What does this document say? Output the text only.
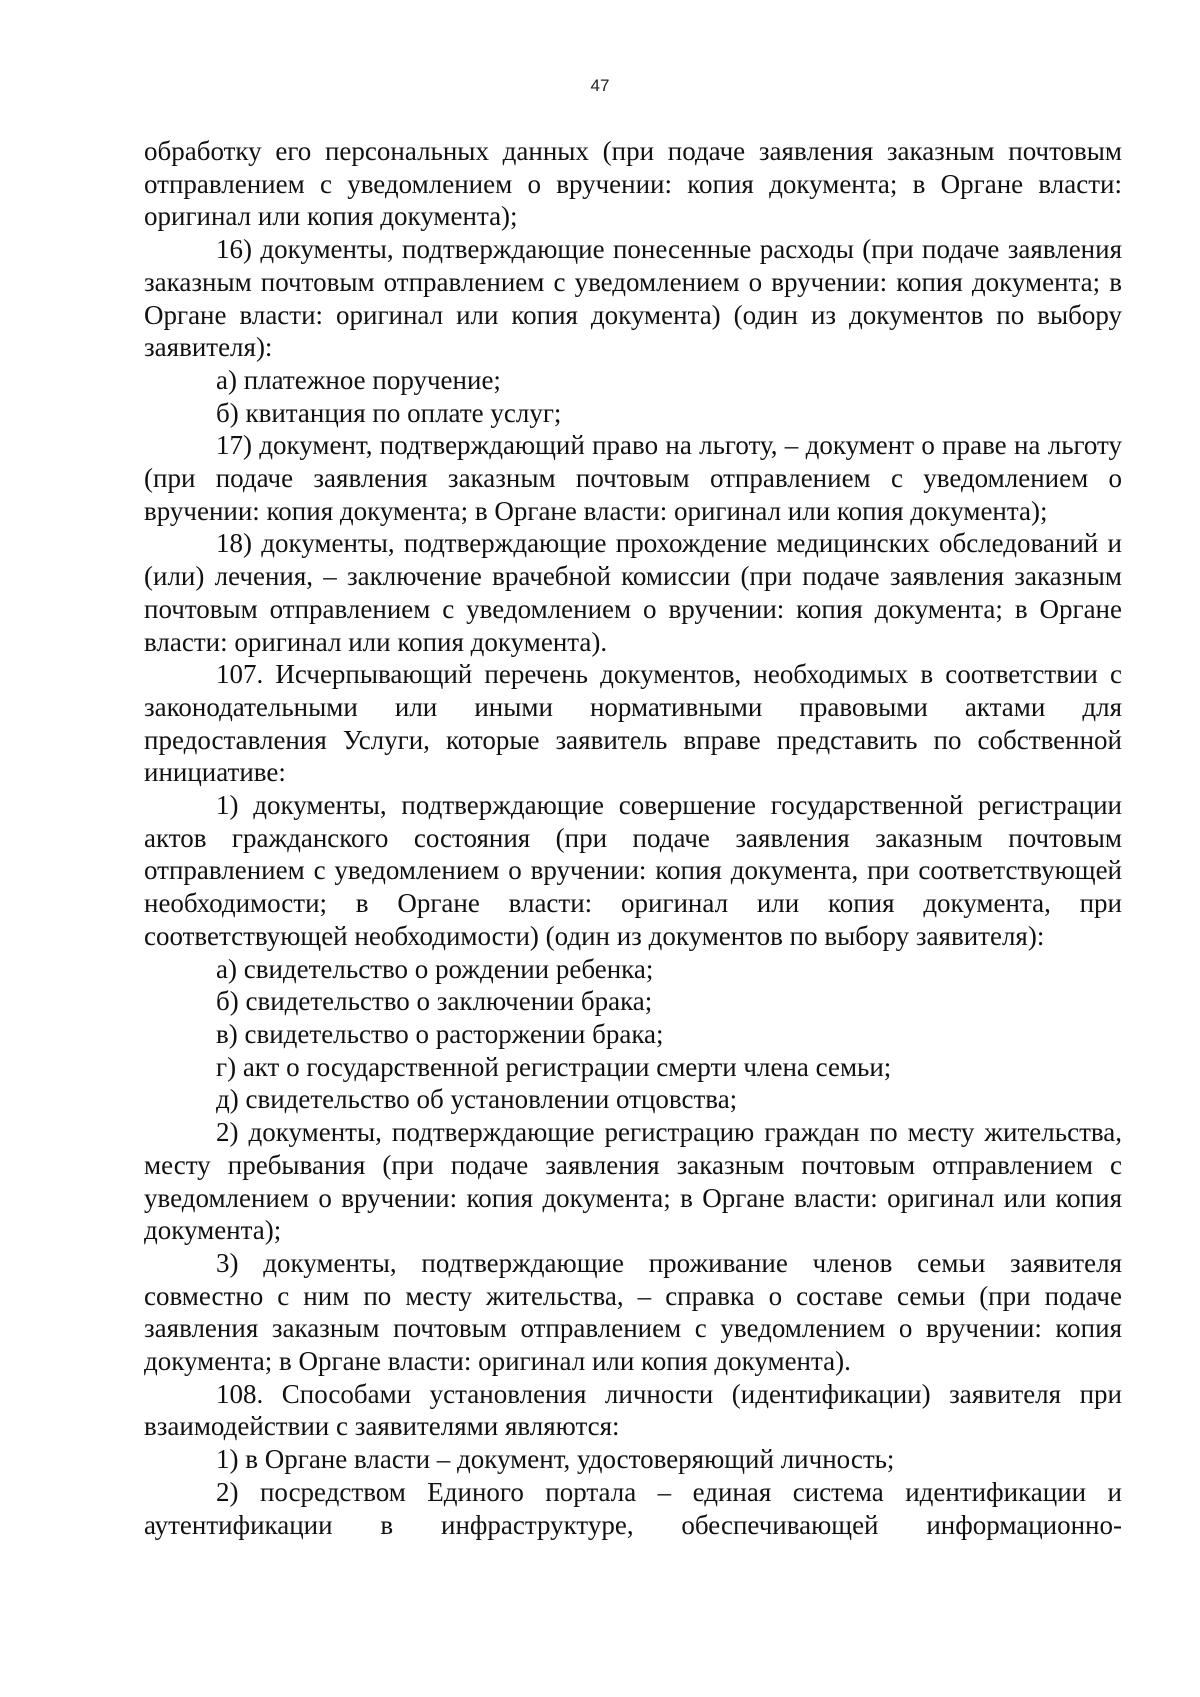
47

обработку его персональных данных (при подаче заявления заказным почтовым отправлением с уведомлением о вручении: копия документа; в Органе власти: оригинал или копия документа);

16) документы, подтверждающие понесенные расходы (при подаче заявления заказным почтовым отправлением с уведомлением о вручении: копия документа; в Органе власти: оригинал или копия документа) (один из документов по выбору заявителя):

а) платежное поручение;

б) квитанция по оплате услуг;

17) документ, подтверждающий право на льготу, – документ о праве на льготу (при подаче заявления заказным почтовым отправлением с уведомлением о вручении: копия документа; в Органе власти: оригинал или копия документа);

18) документы, подтверждающие прохождение медицинских обследований и (или) лечения, – заключение врачебной комиссии (при подаче заявления заказным почтовым отправлением с уведомлением о вручении: копия документа; в Органе власти: оригинал или копия документа).

107. Исчерпывающий перечень документов, необходимых в соответствии с законодательными или иными нормативными правовыми актами для предоставления Услуги, которые заявитель вправе представить по собственной инициативе:

1) документы, подтверждающие совершение государственной регистрации актов гражданского состояния (при подаче заявления заказным почтовым отправлением с уведомлением о вручении: копия документа, при соответствующей необходимости; в Органе власти: оригинал или копия документа, при соответствующей необходимости) (один из документов по выбору заявителя):

а) свидетельство о рождении ребенка;

б) свидетельство о заключении брака;

в) свидетельство о расторжении брака;

г) акт о государственной регистрации смерти члена семьи;

д) свидетельство об установлении отцовства;

2) документы, подтверждающие регистрацию граждан по месту жительства, месту пребывания (при подаче заявления заказным почтовым отправлением с уведомлением о вручении: копия документа; в Органе власти: оригинал или копия документа);

3) документы, подтверждающие проживание членов семьи заявителя совместно с ним по месту жительства, – справка о составе семьи (при подаче заявления заказным почтовым отправлением с уведомлением о вручении: копия документа; в Органе власти: оригинал или копия документа).

108. Способами установления личности (идентификации) заявителя при взаимодействии с заявителями являются:

1) в Органе власти – документ, удостоверяющий личность;

2) посредством Единого портала – единая система идентификации и аутентификации в инфраструктуре, обеспечивающей информационно-
